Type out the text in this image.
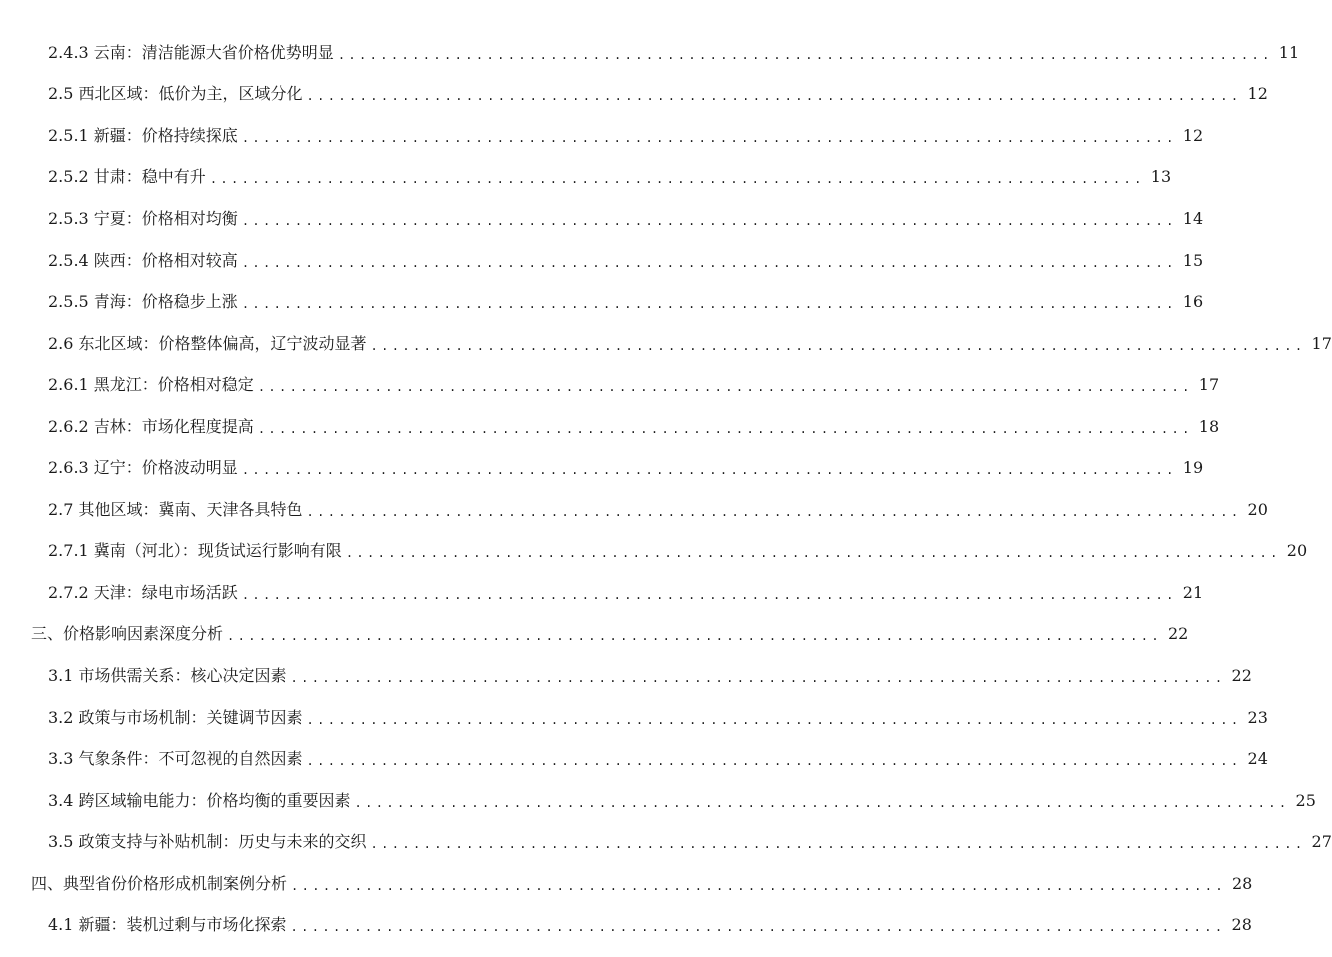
2.4.3 云南：清洁能源大省价格优势明显 ........................................................................................ 11
2.5 西北区域：低价为主，区域分化 ........................................................................................ 12
2.5.1 新疆：价格持续探底 ........................................................................................ 12
2.5.2 甘肃：稳中有升 ........................................................................................ 13
2.5.3 宁夏：价格相对均衡 ........................................................................................ 14
2.5.4 陕西：价格相对较高 ........................................................................................ 15
2.5.5 青海：价格稳步上涨 ........................................................................................ 16
2.6 东北区域：价格整体偏高，辽宁波动显著 ........................................................................................ 17
2.6.1 黑龙江：价格相对稳定 ........................................................................................ 17
2.6.2 吉林：市场化程度提高 ........................................................................................ 18
2.6.3 辽宁：价格波动明显 ........................................................................................ 19
2.7 其他区域：冀南、天津各具特色 ........................................................................................ 20
2.7.1 冀南（河北）：现货试运行影响有限 ........................................................................................ 20
2.7.2 天津：绿电市场活跃 ........................................................................................ 21
三、价格影响因素深度分析 ........................................................................................ 22
3.1 市场供需关系：核心决定因素 ........................................................................................ 22
3.2 政策与市场机制：关键调节因素 ........................................................................................ 23
3.3 气象条件：不可忽视的自然因素 ........................................................................................ 24
3.4 跨区域输电能力：价格均衡的重要因素 ........................................................................................ 25
3.5 政策支持与补贴机制：历史与未来的交织 ........................................................................................ 27
四、典型省份价格形成机制案例分析 ........................................................................................ 28
4.1 新疆：装机过剩与市场化探索 ........................................................................................ 28
